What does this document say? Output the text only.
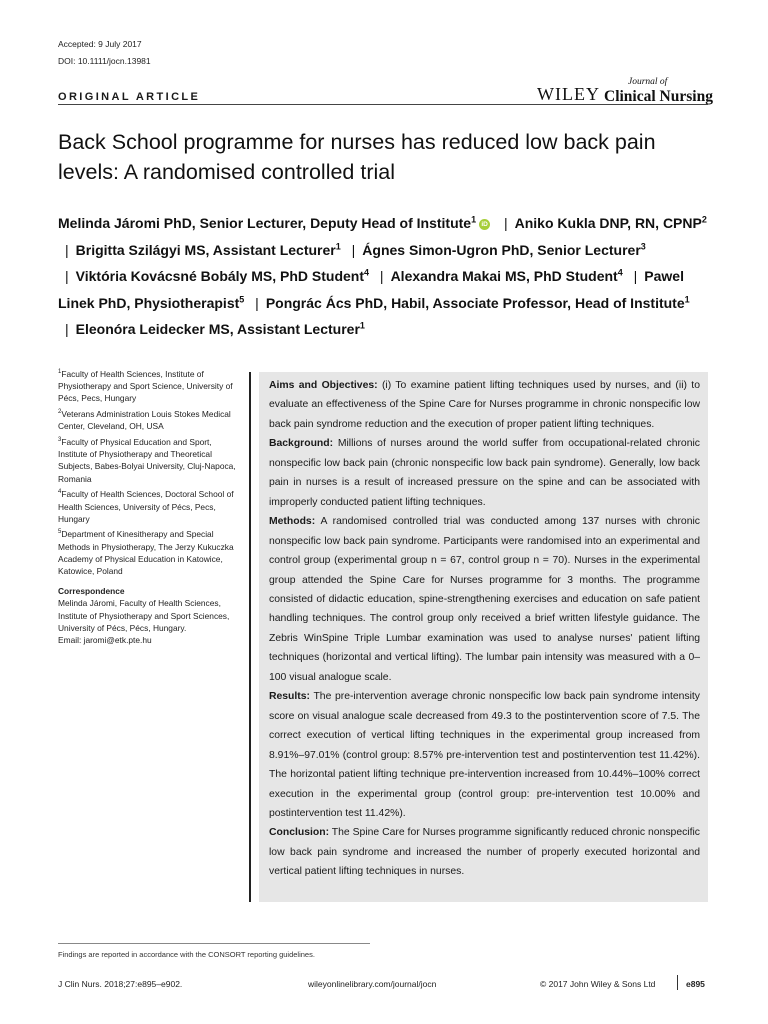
Accepted: 9 July 2017
DOI: 10.1111/jocn.13981
ORIGINAL ARTICLE	WILEY
Journal of
Clinical Nursing
Back School programme for nurses has reduced low back pain levels: A randomised controlled trial
Melinda Járomi PhD, Senior Lecturer, Deputy Head of Institute$^1$ iD | Aniko Kukla DNP, RN, CPNP$^2$ | Brigitta Szilágyi MS, Assistant Lecturer$^1$ | Ágnes Simon-Ugron PhD, Senior Lecturer$^3$ | Viktória Kovácsné Bobály MS, PhD Student$^4$ | Alexandra Makai MS, PhD Student$^4$ | Pawel Linek PhD, Physiotherapist$^5$ | Pongrác Ács PhD, Habil, Associate Professor, Head of Institute$^1$ | Eleonóra Leidecker MS, Assistant Lecturer$^1$
$^1$Faculty of Health Sciences, Institute of Physiotherapy and Sport Science, University of Pécs, Pecs, Hungary
$^2$Veterans Administration Louis Stokes Medical Center, Cleveland, OH, USA
$^3$Faculty of Physical Education and Sport, Institute of Physiotherapy and Theoretical Subjects, Babes-Bolyai University, Cluj-Napoca, Romania
$^4$Faculty of Health Sciences, Doctoral School of Health Sciences, University of Pécs, Pecs, Hungary
$^5$Department of Kinesitherapy and Special Methods in Physiotherapy, The Jerzy Kukuczka Academy of Physical Education in Katowice, Katowice, Poland
Correspondence
Melinda Járomi, Faculty of Health Sciences, Institute of Physiotherapy and Sport Sciences, University of Pécs, Pécs, Hungary.
Email: jaromi@etk.pte.hu

Aims and Objectives: (i) To examine patient lifting techniques used by nurses, and (ii) to evaluate an effectiveness of the Spine Care for Nurses programme in chronic nonspecific low back pain syndrome reduction and the execution of proper patient lifting techniques.

Background: Millions of nurses around the world suffer from occupational-related chronic nonspecific low back pain (chronic nonspecific low back pain syndrome). Generally, low back pain in nurses is a result of increased pressure on the spine and can be associated with improperly conducted patient lifting techniques.

Methods: A randomised controlled trial was conducted among 137 nurses with chronic nonspecific low back pain syndrome. Participants were randomised into an experimental and control group (experimental group n = 67, control group n = 70). Nurses in the experimental group attended the Spine Care for Nurses programme for 3 months. The programme consisted of didactic education, spine-strengthening exercises and education on safe patient handling techniques. The control group only received a brief written lifestyle guidance. The Zebris WinSpine Triple Lumbar examination was used to analyse nurses' patient lifting techniques (horizontal and vertical lifting). The lumbar pain intensity was measured with a 0–100 visual analogue scale.

Results: The pre-intervention average chronic nonspecific low back pain syndrome intensity score on visual analogue scale decreased from 49.3 to the postintervention score of 7.5. The correct execution of vertical lifting techniques in the experimental group increased from 8.91%–97.01% (control group: 8.57% pre-intervention test and postintervention test 11.42%). The horizontal patient lifting technique pre-intervention increased from 10.44%–100% correct execution in the experimental group (control group: pre-intervention test 10.00% and postintervention test 11.42%).

Conclusion: The Spine Care for Nurses programme significantly reduced chronic nonspecific low back pain syndrome and increased the number of properly executed horizontal and vertical patient lifting techniques in nurses.

Findings are reported in accordance with the CONSORT reporting guidelines.
J Clin Nurs. 2018;27:e895–e902.	wileyonlinelibrary.com/journal/jocn	© 2017 John Wiley & Sons Ltd	e895
